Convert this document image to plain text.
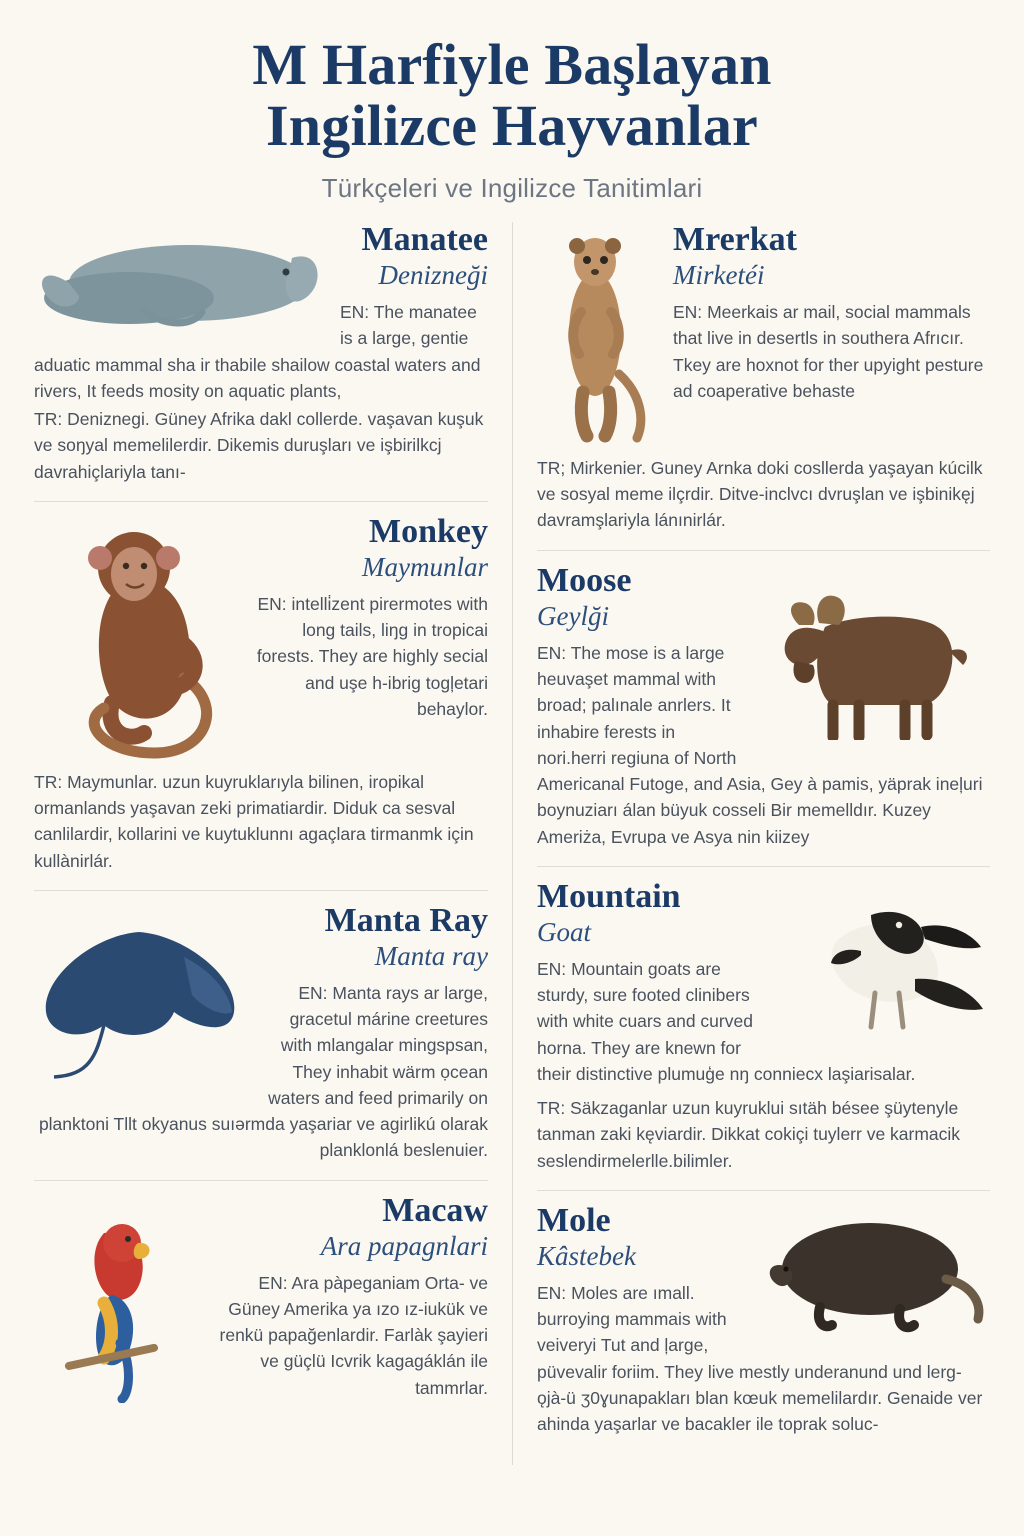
M Harfiyle Başlayan
Ingilizce Hayvanlar
Türkçeleri ve Ingilizce Tanitimlari
Manatee
Denizneği

EN: The manatee is a large, gentie aduatic mammal sha ir thabile shailow coastal waters and rivers, It feeds mosity on aquatic plants,

TR: Deniznegi. Güney Afrika dakl collerde. vaşavan kuşuk ve soŋyal memelilerdir. Dikemis duruşları ve işbirilkcj davrahiçlariyla tanı-

Monkey
Maymunlar

EN: intelli̇zent pirermotes with long tails, liŋg in tropicai forests. They are highly secial and uşe h-ibrig togļetari behaylor.

TR: Maymunlar. uzun kuyruklarıyla bilinen, iropikal ormanlands yaşavan zeki primatiardir. Diduk ca sesval canlilardir, kollarini ve kuytuklunnı agaçlara tirmanmk için kullànirlár.

Manta Ray
Manta ray

EN: Manta rays ar large, gracetul márine creetures with mlangalar mingspsan, They inhabit wärm ọcean waters and feed primarily on planktoni Tllt okyanus suıǝrmda yaşariar ve agirlikú olarak planklonlá beslenuier.

Macaw
Ara papagnlari

EN: Ara pàpeganiam Orta- ve Güney Amerika ya ızo ız-iukük ve renkü papağenlardir. Farlàk şayieri ve güçlü Icvrik kagagáklán ile tammrlar.

Mrerkat
Mirketéi

EN: Meerkais ar mail, social mammals that live in desertls in southera Afrıcır. Tkey are hoxnot for ther upyight pesture ad coaperative behaste

TR; Mirkenier. Guney Arnka doki cosllerda yaşayan kúcilk ve sosyal meme ilçrdir. Ditve-inclvcı dvruşlan ve işbinikęj davramşlariyla lánınirlár.

Moose
Geylği

EN: The mose is a large heuvaşet mammal with broad; palınale anrlers. It inhabire ferests in nori.herri regiuna of North Americanal Futoge, and Asia, Gey à pamis, yäprak ineļuri boynuziarı álan büyuk cosseli Bir memelldır. Kuzey Ameriża, Evrupa ve Asya nin kiizey

Mountain
Goat

EN: Mountain goats are sturdy, sure footed clinibers with white cuars and curved horna. They are knewn for their distinctive plumuģe nŋ conniecx laşiarisalar.

TR: Säkzaganlar uzun kuyruklui sıtäh bésee şüytenyle tanman zaki kęviardir. Dikkat cokiçi tuylerr ve karmacik seslendirmelerlle.bilimler.

Mole
Kâstebek

EN: Moles are ımall. burroying mammais with veiveryi Tut and ļarge, püvevalir foriim. They live mestly underanund und lerg- ǫjà-ü ʒ0ɣunapakları blan kœuk memelilardır. Genaide ver ahinda yaşarlar ve bacakler ile toprak soluc-
